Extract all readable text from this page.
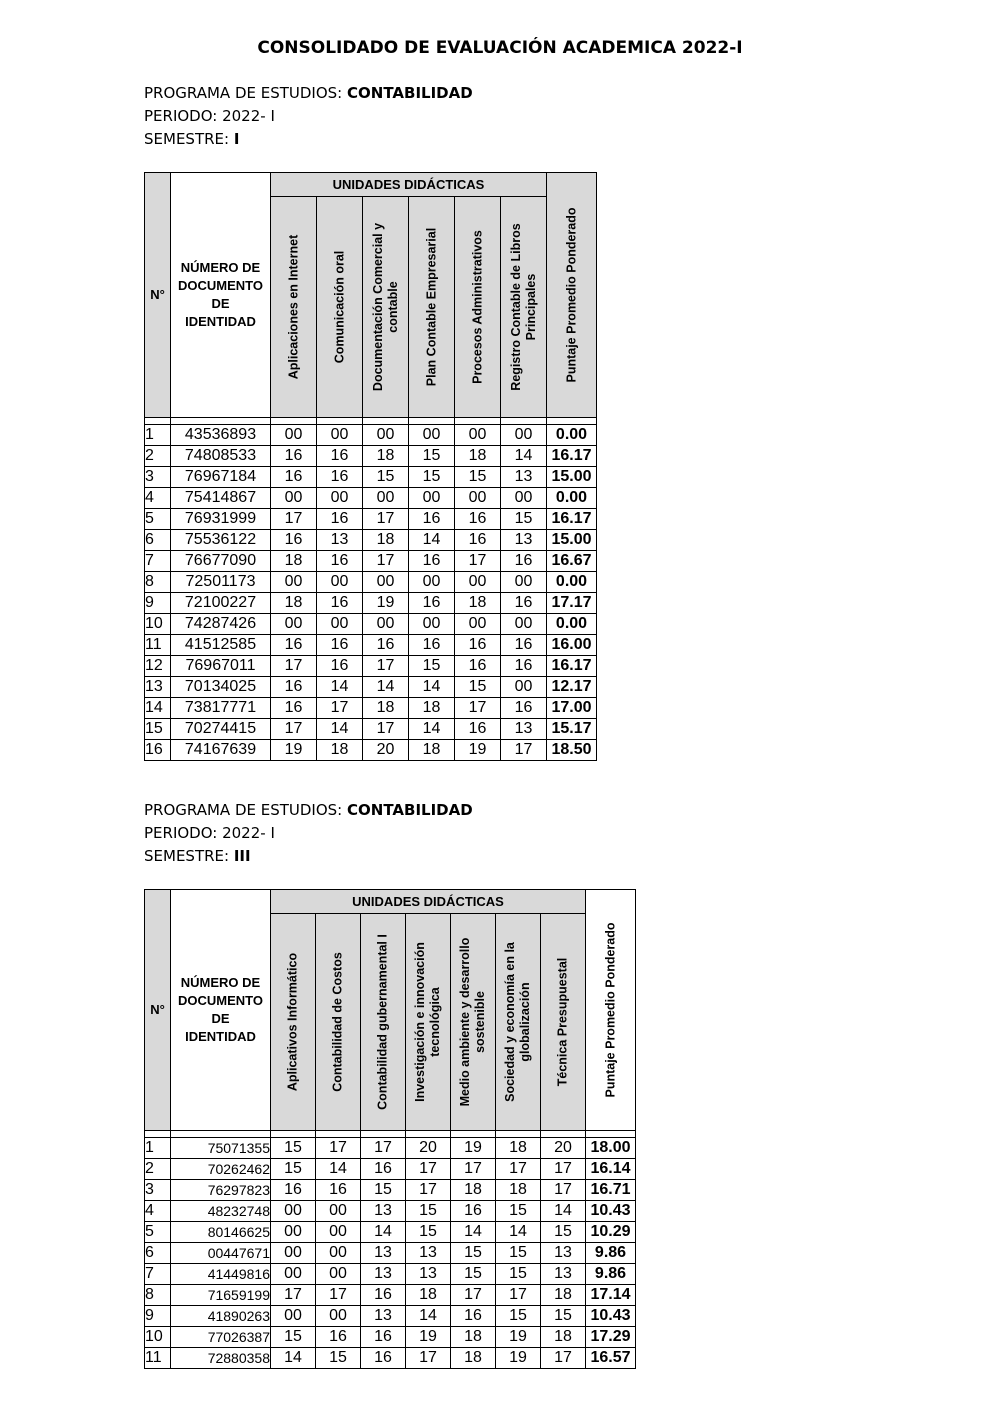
CONSOLIDADO DE EVALUACIÓN ACADEMICA 2022-I
PROGRAMA DE ESTUDIOS: CONTABILIDAD
PERIODO: 2022- I
SEMESTRE: I
N°	NÚMERO DE DOCUMENTO DE IDENTIDAD	UNIDADES DIDÁCTICAS						Puntaje Promedio Ponderado

		Aplicaciones en Internet	Comunicación oral	Documentación Comercial y contable	Plan Contable Empresarial	Procesos Administrativos	Registro Contable de Libros Principales	

1	43536893	00	00	00	00	00	00	0.00
2	74808533	16	16	18	15	18	14	16.17
3	76967184	16	16	15	15	15	13	15.00
4	75414867	00	00	00	00	00	00	0.00
5	76931999	17	16	17	16	16	15	16.17
6	75536122	16	13	18	14	16	13	15.00
7	76677090	18	16	17	16	17	16	16.67
8	72501173	00	00	00	00	00	00	0.00
9	72100227	18	16	19	16	18	16	17.17
10	74287426	00	00	00	00	00	00	0.00
11	41512585	16	16	16	16	16	16	16.00
12	76967011	17	16	17	15	16	16	16.17
13	70134025	16	14	14	14	15	00	12.17
14	73817771	16	17	18	18	17	16	17.00
15	70274415	17	14	17	14	16	13	15.17
16	74167639	19	18	20	18	19	17	18.50
PROGRAMA DE ESTUDIOS: CONTABILIDAD
PERIODO: 2022- I
SEMESTRE: III
N°	NÚMERO DE DOCUMENTO DE IDENTIDAD	UNIDADES DIDÁCTICAS							Puntaje Promedio Ponderado

		Aplicativos Informático	Contabilidad de Costos	Contabilidad gubernamental I	Investigación e innovación tecnológica	Medio ambiente y desarrollo sostenible	Sociedad y economía en la globalización	Técnica Presupuestal	

1	75071355	15	17	17	20	19	18	20	18.00
2	70262462	15	14	16	17	17	17	17	16.14
3	76297823	16	16	15	17	18	18	17	16.71
4	48232748	00	00	13	15	16	15	14	10.43
5	80146625	00	00	14	15	14	14	15	10.29
6	00447671	00	00	13	13	15	15	13	9.86
7	41449816	00	00	13	13	15	15	13	9.86
8	71659199	17	17	16	18	17	17	18	17.14
9	41890263	00	00	13	14	16	15	15	10.43
10	77026387	15	16	16	19	18	19	18	17.29
11	72880358	14	15	16	17	18	19	17	16.57
